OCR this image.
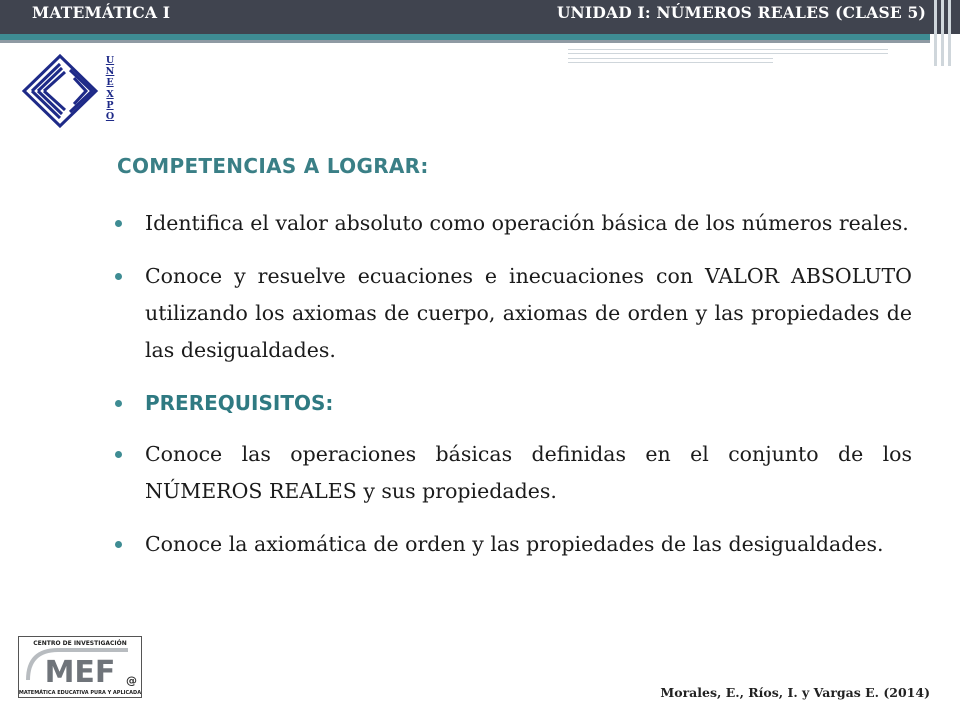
MATEMÁTICA I	UNIDAD I: NÚMEROS REALES (CLASE 5)
U
N
E
X
P
O
COMPETENCIAS A LOGRAR:
Identifica el valor absoluto como operación básica de los números reales.
Conoce y resuelve ecuaciones e inecuaciones con VALOR ABSOLUTO utilizando los axiomas de cuerpo, axiomas de orden y las propiedades de las desigualdades.
PREREQUISITOS:
Conoce las operaciones básicas definidas en el conjunto de los NÚMEROS REALES y sus propiedades.
Conoce la axiomática de orden y las propiedades de las desigualdades.
CENTRO DE INVESTIGACIÓN
MEF @
MATEMÁTICA EDUCATIVA PURA Y APLICADA	Morales, E., Ríos, I. y Vargas E. (2014)
